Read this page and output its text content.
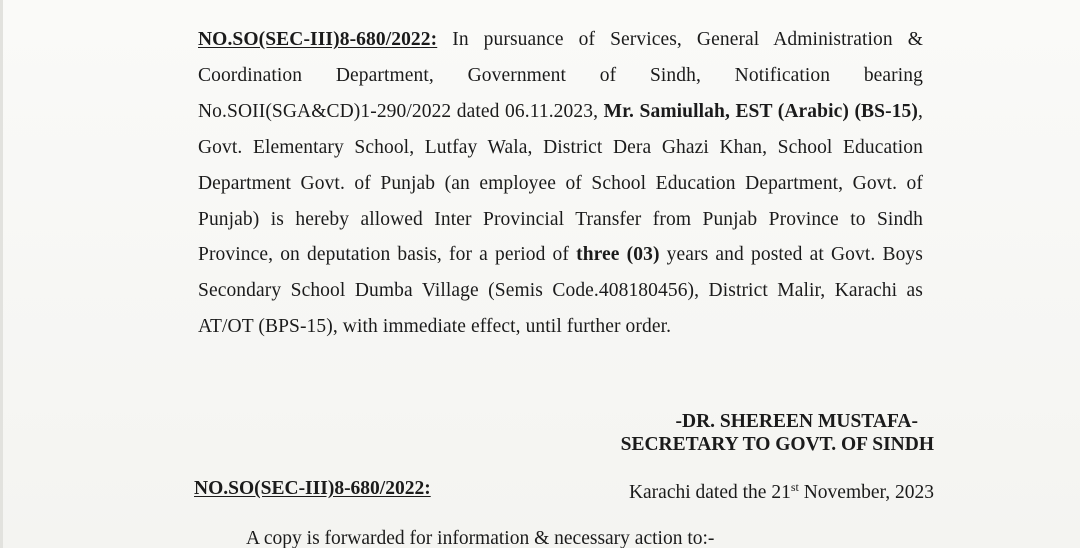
NO.SO(SEC-III)8-680/2022: In pursuance of Services, General Administration & Coordination Department, Government of Sindh, Notification bearing No.SOII(SGA&CD)1-290/2022 dated 06.11.2023, Mr. Samiullah, EST (Arabic) (BS-15), Govt. Elementary School, Lutfay Wala, District Dera Ghazi Khan, School Education Department Govt. of Punjab (an employee of School Education Department, Govt. of Punjab) is hereby allowed Inter Provincial Transfer from Punjab Province to Sindh Province, on deputation basis, for a period of three (03) years and posted at Govt. Boys Secondary School Dumba Village (Semis Code.408180456), District Malir, Karachi as AT/OT (BPS-15), with immediate effect, until further order.

-DR. SHEREEN MUSTAFA-
SECRETARY TO GOVT. OF SINDH
NO.SO(SEC-III)8-680/2022:	Karachi dated the 21st November, 2023
A copy is forwarded for information & necessary action to:-
